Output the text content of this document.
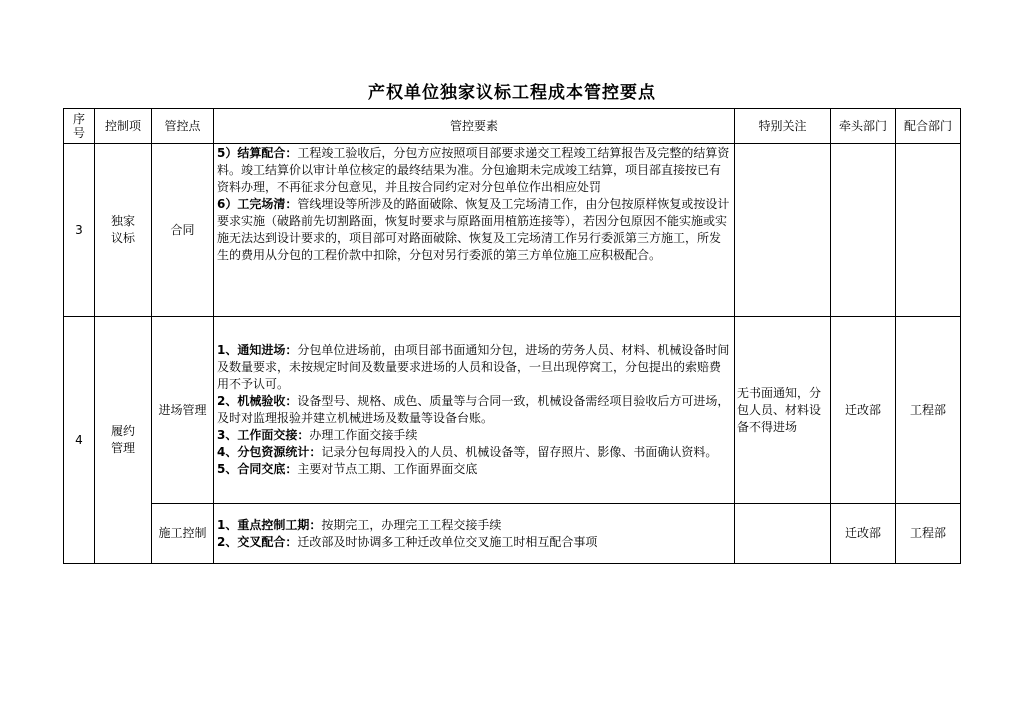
产权单位独家议标工程成本管控要点
序号	控制项	管控点	管控要素	特别关注	牵头部门	配合部门
3	独家议标	合同	5）结算配合：工程竣工验收后，分包方应按照项目部要求递交工程竣工结算报告及完整的结算资料。竣工结算价以审计单位核定的最终结果为准。分包逾期未完成竣工结算，项目部直接按已有资料办理，不再征求分包意见，并且按合同约定对分包单位作出相应处罚
6）工完场清：管线埋设等所涉及的路面破除、恢复及工完场清工作，由分包按原样恢复或按设计要求实施（破路前先切割路面，恢复时要求与原路面用植筋连接等），若因分包原因不能实施或实施无法达到设计要求的，项目部可对路面破除、恢复及工完场清工作另行委派第三方施工，所发生的费用从分包的工程价款中扣除，分包对另行委派的第三方单位施工应积极配合。			

4	履约管理	进场管理	1、通知进场：分包单位进场前，由项目部书面通知分包，进场的劳务人员、材料、机械设备时间及数量要求，未按规定时间及数量要求进场的人员和设备，一旦出现停窝工，分包提出的索赔费用不予认可。
2、机械验收：设备型号、规格、成色、质量等与合同一致，机械设备需经项目验收后方可进场，及时对监理报验并建立机械进场及数量等设备台账。
3、工作面交接：办理工作面交接手续
4、分包资源统计：记录分包每周投入的人员、机械设备等，留存照片、影像、书面确认资料。
5、合同交底：主要对节点工期、工作面界面交底	无书面通知，分包人员、材料设备不得进场	迁改部	工程部
		施工控制	1、重点控制工期：按期完工，办理完工工程交接手续
2、交叉配合：迁改部及时协调多工种迁改单位交叉施工时相互配合事项		迁改部	工程部
